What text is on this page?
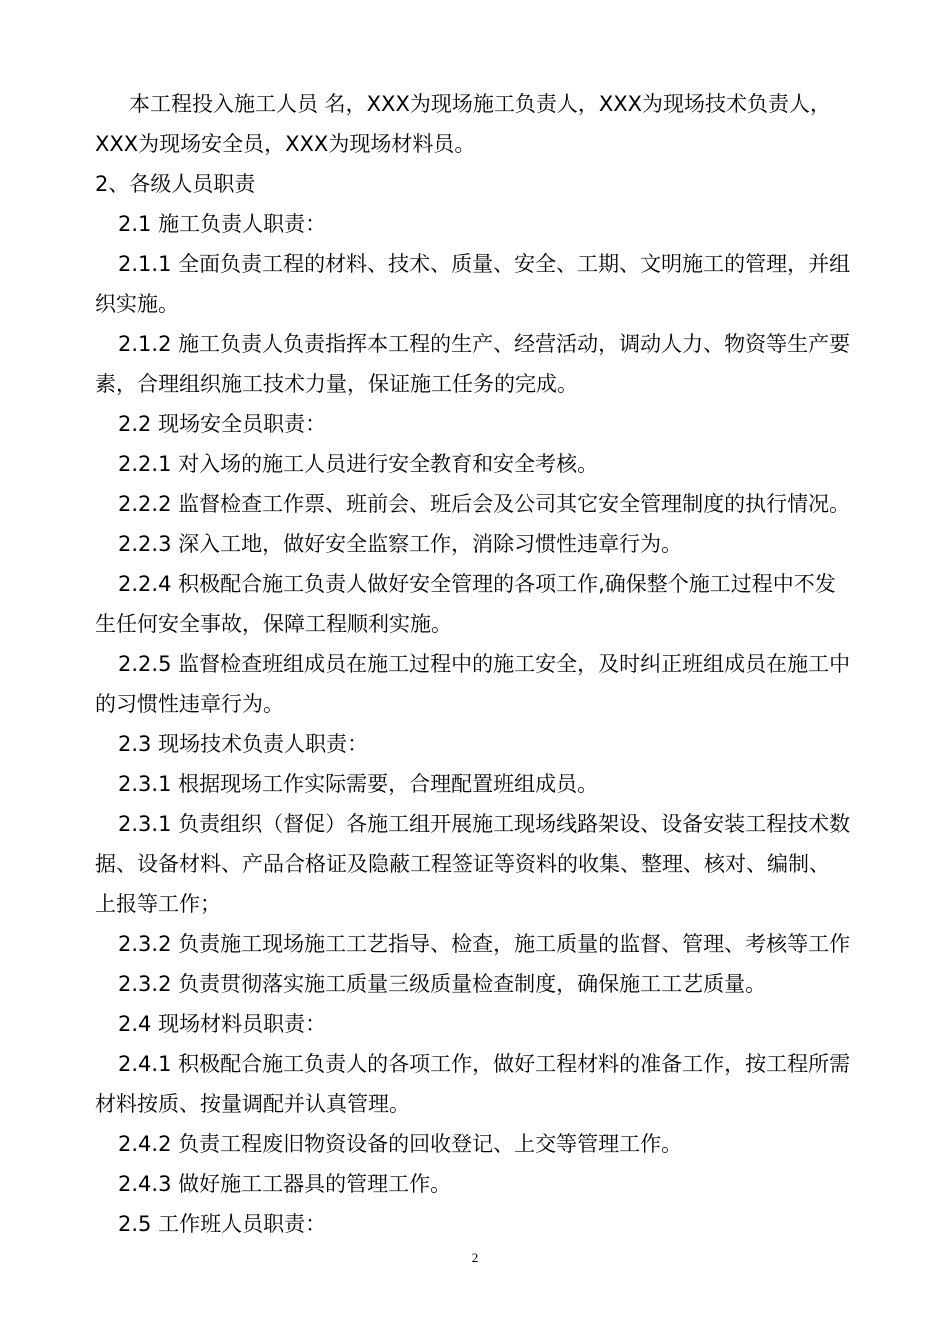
本工程投入施工人员 名，XXX为现场施工负责人，XXX为现场技术负责人，
XXX为现场安全员，XXX为现场材料员。
2、各级人员职责
2.1 施工负责人职责：
2.1.1 全面负责工程的材料、技术、质量、安全、工期、文明施工的管理，并组
织实施。
2.1.2 施工负责人负责指挥本工程的生产、经营活动，调动人力、物资等生产要
素，合理组织施工技术力量，保证施工任务的完成。
2.2 现场安全员职责：
2.2.1 对入场的施工人员进行安全教育和安全考核。
2.2.2 监督检查工作票、班前会、班后会及公司其它安全管理制度的执行情况。
2.2.3 深入工地，做好安全监察工作，消除习惯性违章行为。
2.2.4 积极配合施工负责人做好安全管理的各项工作,确保整个施工过程中不发
生任何安全事故，保障工程顺利实施。
2.2.5 监督检查班组成员在施工过程中的施工安全，及时纠正班组成员在施工中
的习惯性违章行为。
2.3 现场技术负责人职责：
2.3.1 根据现场工作实际需要，合理配置班组成员。
2.3.1 负责组织（督促）各施工组开展施工现场线路架设、设备安装工程技术数
据、设备材料、产品合格证及隐蔽工程签证等资料的收集、整理、核对、编制、
上报等工作；
2.3.2 负责施工现场施工工艺指导、检查，施工质量的监督、管理、考核等工作
2.3.2 负责贯彻落实施工质量三级质量检查制度，确保施工工艺质量。
2.4 现场材料员职责：
2.4.1 积极配合施工负责人的各项工作，做好工程材料的准备工作，按工程所需
材料按质、按量调配并认真管理。
2.4.2 负责工程废旧物资设备的回收登记、上交等管理工作。
2.4.3 做好施工工器具的管理工作。
2.5 工作班人员职责：
2
